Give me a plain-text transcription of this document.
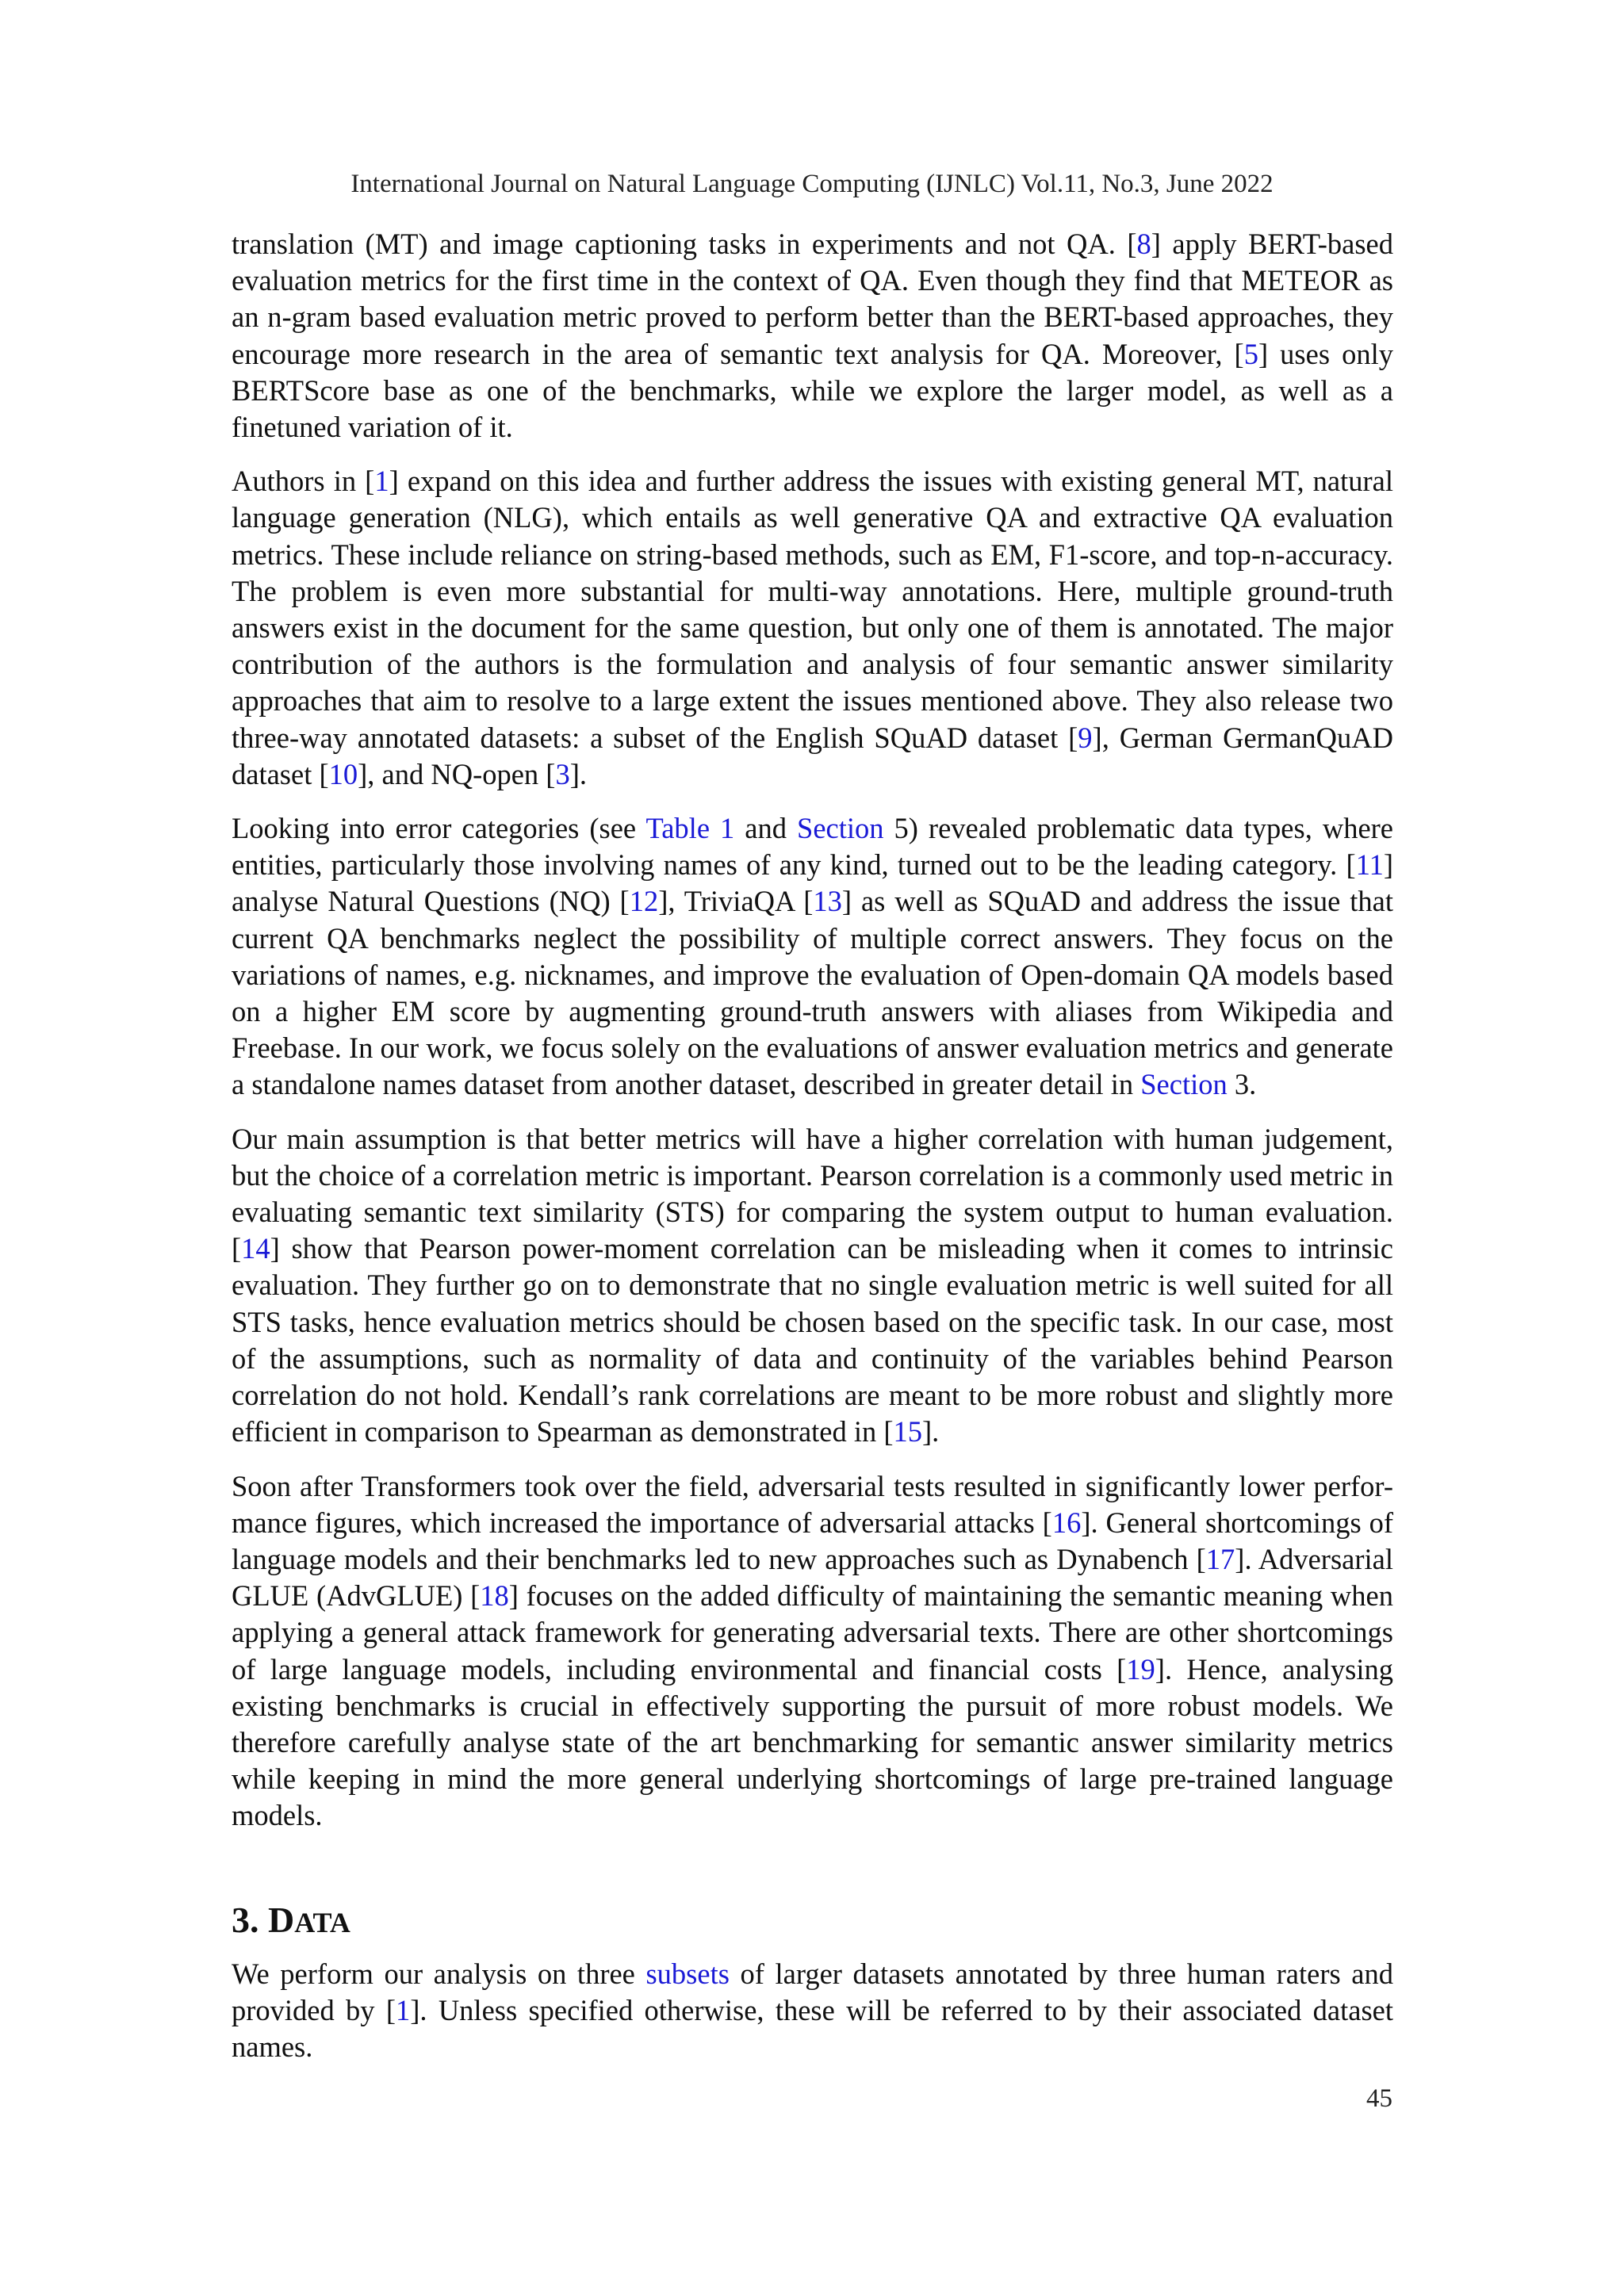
International Journal on Natural Language Computing (IJNLC) Vol.11, No.3, June 2022

translation (MT) and image captioning tasks in experiments and not QA. [8] apply BERT-based evaluation metrics for the first time in the context of QA. Even though they find that METEOR as an n-gram based evaluation metric proved to perform better than the BERT-based approaches, they encourage more research in the area of semantic text analysis for QA. Moreover, [5] uses only BERTScore base as one of the benchmarks, while we explore the larger model, as well as a finetuned variation of it.

Authors in [1] expand on this idea and further address the issues with existing general MT, natural language generation (NLG), which entails as well generative QA and extractive QA evaluation metrics. These include reliance on string-based methods, such as EM, F1-score, and top-n-accuracy. The problem is even more substantial for multi-way annotations. Here, multiple ground-truth answers exist in the document for the same question, but only one of them is annotated. The major contribution of the authors is the formulation and analysis of four semantic answer similarity approaches that aim to resolve to a large extent the issues mentioned above. They also release two three-way annotated datasets: a subset of the English SQuAD dataset [9], German GermanQuAD dataset [10], and NQ-open [3].

Looking into error categories (see Table 1 and Section 5) revealed problematic data types, where entities, particularly those involving names of any kind, turned out to be the leading category. [11] analyse Natural Questions (NQ) [12], TriviaQA [13] as well as SQuAD and address the issue that current QA benchmarks neglect the possibility of multiple correct answers. They focus on the variations of names, e.g. nicknames, and improve the evaluation of Open-domain QA models based on a higher EM score by augmenting ground-truth answers with aliases from Wikipedia and Freebase. In our work, we focus solely on the evaluations of answer evaluation metrics and generate a standalone names dataset from another dataset, described in greater detail in Section 3.

Our main assumption is that better metrics will have a higher correlation with human judgement, but the choice of a correlation metric is important. Pearson correlation is a commonly used metric in evaluating semantic text similarity (STS) for comparing the system output to human evaluation. [14] show that Pearson power-moment correlation can be misleading when it comes to intrinsic evaluation. They further go on to demonstrate that no single evaluation metric is well suited for all STS tasks, hence evaluation metrics should be chosen based on the specific task. In our case, most of the assumptions, such as normality of data and continuity of the variables behind Pearson correlation do not hold. Kendall’s rank correlations are meant to be more robust and slightly more efficient in comparison to Spearman as demonstrated in [15].

Soon after Transformers took over the field, adversarial tests resulted in significantly lower perfor-mance figures, which increased the importance of adversarial attacks [16]. General shortcomings of language models and their benchmarks led to new approaches such as Dynabench [17]. Adversarial GLUE (AdvGLUE) [18] focuses on the added difficulty of maintaining the semantic meaning when applying a general attack framework for generating adversarial texts. There are other shortcomings of large language models, including environmental and financial costs [19]. Hence, analysing existing benchmarks is crucial in effectively supporting the pursuit of more robust models. We therefore carefully analyse state of the art benchmarking for semantic answer similarity metrics while keeping in mind the more general underlying shortcomings of large pre-trained language models.

3. DATA

We perform our analysis on three subsets of larger datasets annotated by three human raters and provided by [1]. Unless specified otherwise, these will be referred to by their associated dataset names.

45
